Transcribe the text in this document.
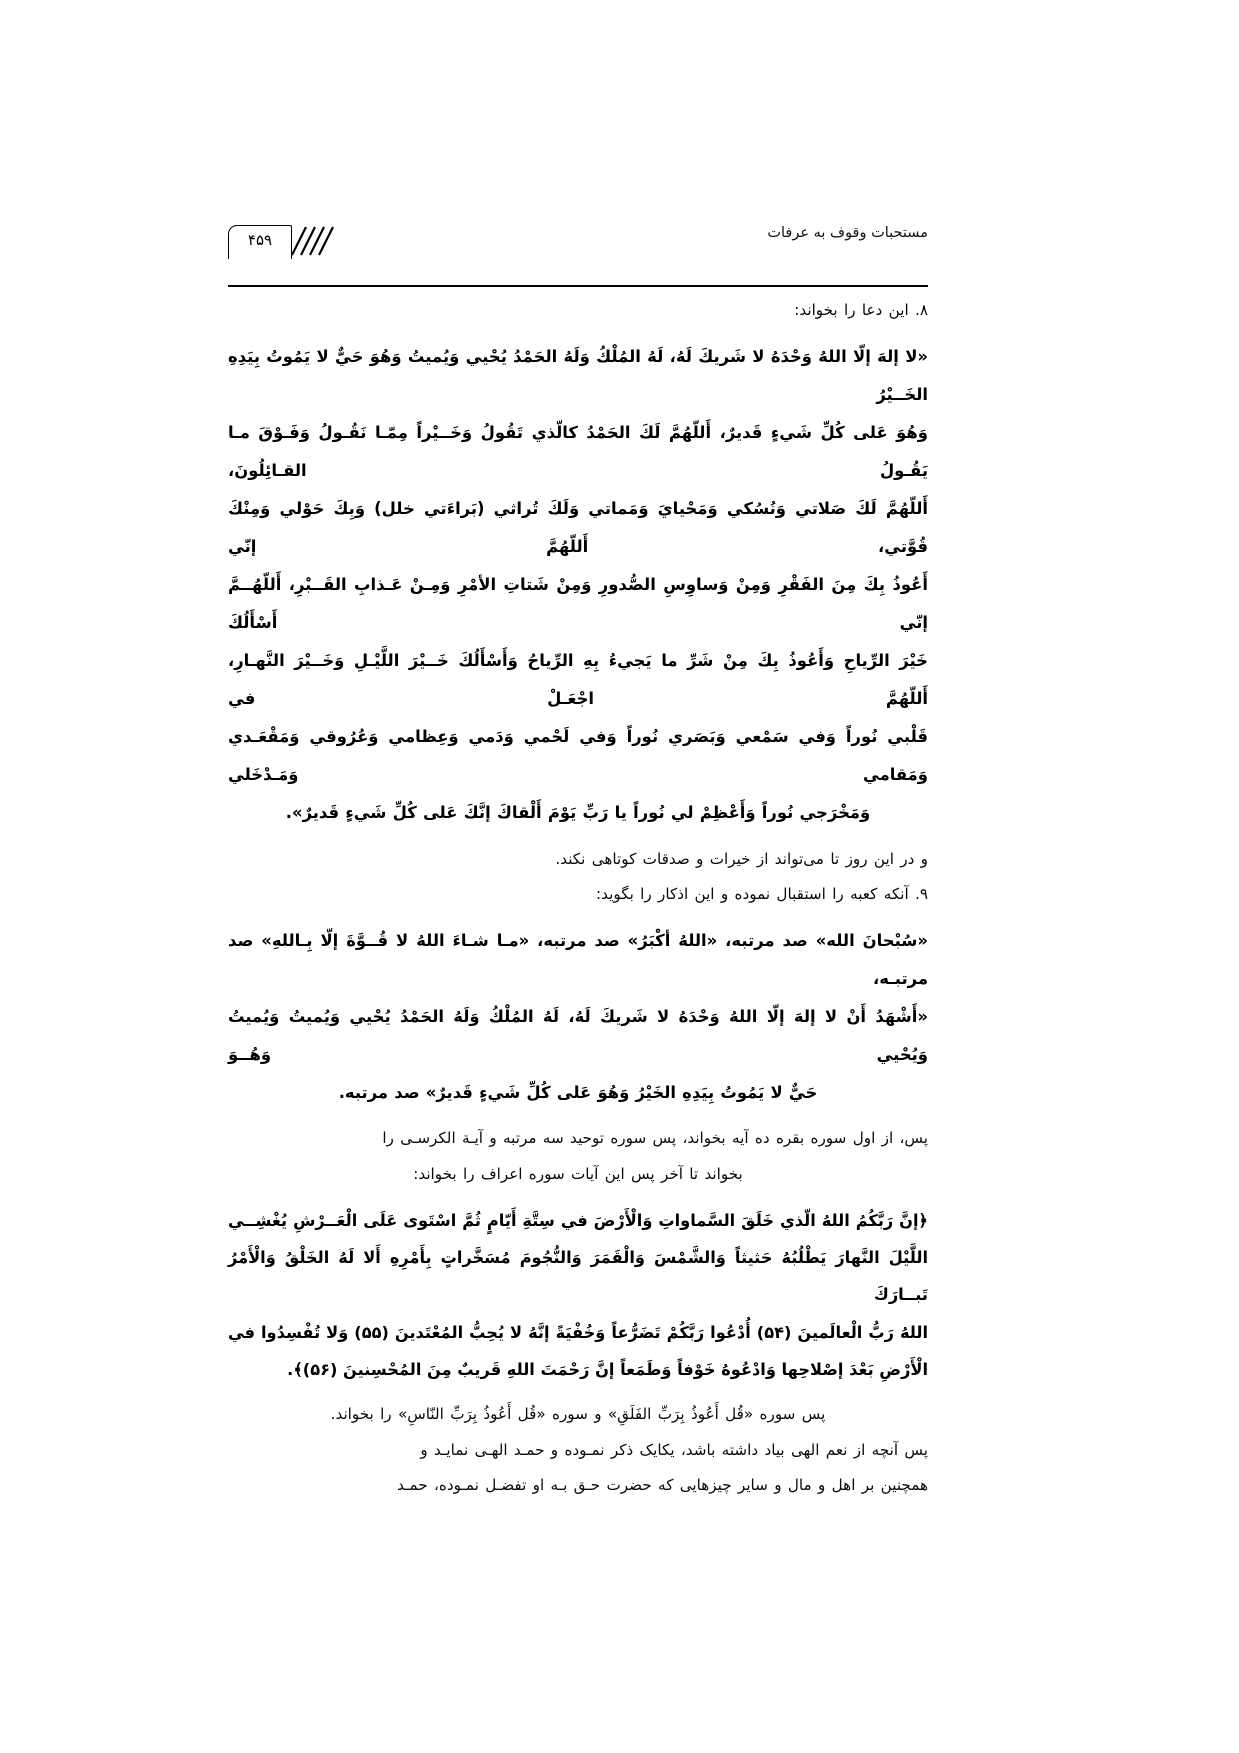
۴۵۹	مستحبات وقوف به عرفات

۸. این دعا را بخواند:

«لا إلهَ إلّا اللهُ وَحْدَهُ لا شَريكَ لَهُ، لَهُ المُلْكُ وَلَهُ الحَمْدُ يُحْيي وَيُميتُ وَهُوَ حَيٌّ لا يَمُوتُ بِيَدِهِ الخَــيْرُ

وَهُوَ عَلى كُلِّ شَيءٍ قَديرٌ، أَللّهُمَّ لَكَ الحَمْدُ كالّذي تَقُولُ وَخَــيْراً مِمّـا نَقُـولُ وَفَـوْقَ مـا يَقُـولُ القـائِلُونَ،

أَللّهُمَّ لَكَ صَلاتي وَنُسُكي وَمَحْيايَ وَمَماتي وَلَكَ تُراثي (بَراءَتي خلل) وَبِكَ حَوْلي وَمِنْكَ قُوَّتي، أَللّهُمَّ إنّي

أَعُوذُ بِكَ مِنَ الفَقْرِ وَمِنْ وَساوِسِ الصُّدورِ وَمِنْ شَتاتِ الأمْرِ وَمِـنْ عَـذابِ القَــبْرِ، أَللّهُــمَّ إنّي أَسْأَلُكَ

خَيْرَ الرِّياحِ وَأَعُوذُ بِكَ مِنْ شَرِّ ما يَجيءُ بِهِ الرِّياحُ وَأَسْأَلُكَ خَــيْرَ اللَّيْـلِ وَخَــيْرَ النَّهـارِ، أَللّهُمَّ اجْعَـلْ في

قَلْبي نُوراً وَفي سَمْعي وَبَصَري نُوراً وَفي لَحْمي وَدَمي وَعِظامي وَعُرُوقي وَمَقْعَـدي وَمَقامي وَمَـدْخَلي

وَمَخْرَجي نُوراً وَأَعْظِمْ لي نُوراً يا رَبِّ يَوْمَ أَلْقاكَ إنَّكَ عَلى كُلِّ شَيءٍ قَديرٌ».

و در این روز تا می‌تواند از خیرات و صدقات کوتاهی نکند.

۹. آنکه کعبه را استقبال نموده و این اذکار را بگوید:

«سُبْحانَ الله» صد مرتبه، «اللهُ أكْبَرُ» صد مرتبه، «مـا شـاءَ اللهُ لا قُــوَّةَ إلّا بِـاللهِ» صد مرتبـه،

«أَشْهَدُ أَنْ لا إلهَ إلّا اللهُ وَحْدَهُ لا شَريكَ لَهُ، لَهُ المُلْكُ وَلَهُ الحَمْدُ يُحْيي وَيُميتُ وَيُميتُ وَيُحْيي وَهُــوَ

حَيٌّ لا يَمُوتُ بِيَدِهِ الخَيْرُ وَهُوَ عَلى كُلِّ شَيءٍ قَديرٌ» صد مرتبه.

پس، از اول سوره بقره ده آیه بخواند، پس سوره توحید سه مرتبه و آیـة الکرسـی را

بخواند تا آخر پس این آیات سوره اعراف را بخواند:

﴿إنَّ رَبَّكُمُ اللهُ الّذي خَلَقَ السَّماواتِ وَالْأَرْضَ في سِتَّةِ أَيّامٍ ثُمَّ اسْتَوى عَلَى الْعَــرْشِ يُغْشِــي

اللَّيْلَ النَّهارَ يَطْلُبُهُ حَثيثاً وَالشَّمْسَ وَالْقَمَرَ وَالنُّجُومَ مُسَخَّراتٍ بِأَمْرِهِ أَلا لَهُ الخَلْقُ وَالْأَمْرُ تَبــارَكَ

اللهُ رَبُّ الْعالَمينَ (۵۴) أُدْعُوا رَبَّكُمْ تَضَرُّعاً وَخُفْيَةً إنَّهُ لا يُحِبُّ المُعْتَدينَ (۵۵) وَلا تُفْسِدُوا في

الْأَرْضِ بَعْدَ إصْلاحِها وَادْعُوهُ خَوْفاً وَطَمَعاً إنَّ رَحْمَتَ اللهِ قَريبٌ مِنَ المُحْسِنينَ (۵۶)﴾.

پس سوره «قُل أَعُوذُ بِرَبِّ الفَلَقِ» و سوره «قُل أَعُوذُ بِرَبِّ النّاسِ» را بخواند.

پس آنچه از نعم الهی بیاد داشته باشد، یکایک ذکر نمـوده و حمـد الهـی نمایـد و

همچنین بر اهل و مال و سایر چیزهایی که حضرت حـق بـه او تفضـل نمـوده، حمـد
